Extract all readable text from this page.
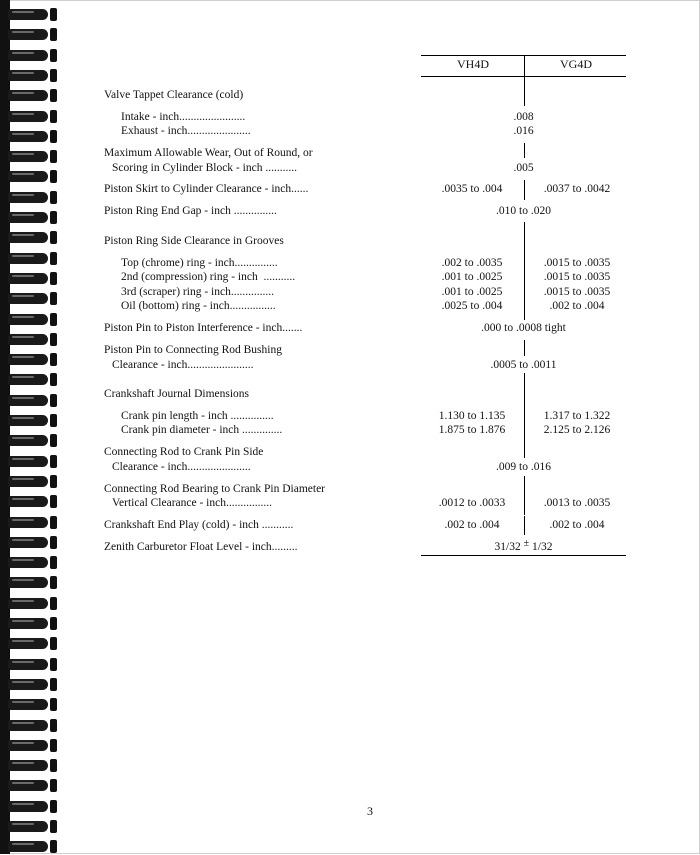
VH4D	VG4D
Valve Tappet Clearance (cold)
Intake - inch.......................	.008
Exhaust - inch......................	.016
Maximum Allowable Wear, Out of Round, or
Scoring in Cylinder Block - inch ...........	.005
Piston Skirt to Cylinder Clearance - inch......	.0035 to .004	.0037 to .0042
Piston Ring End Gap - inch ...............	.010 to .020
Piston Ring Side Clearance in Grooves
Top (chrome) ring - inch...............	.002 to .0035	.0015 to .0035
2nd (compression) ring - inch  ...........	.001 to .0025	.0015 to .0035
3rd (scraper) ring - inch...............	.001 to .0025	.0015 to .0035
Oil (bottom) ring - inch................	.0025 to .004	.002 to .004
Piston Pin to Piston Interference - inch.......	.000 to .0008 tight
Piston Pin to Connecting Rod Bushing
Clearance - inch.......................	.0005 to .0011
Crankshaft Journal Dimensions
Crank pin length - inch ...............	1.130 to 1.135	1.317 to 1.322
Crank pin diameter - inch ..............	1.875 to 1.876	2.125 to 2.126
Connecting Rod to Crank Pin Side
Clearance - inch......................	.009 to .016
Connecting Rod Bearing to Crank Pin Diameter
Vertical Clearance - inch................	.0012 to .0033	.0013 to .0035
Crankshaft End Play (cold) - inch ...........	.002 to .004	.002 to .004
Zenith Carburetor Float Level - inch.........	31/32 ± 1/32
3
